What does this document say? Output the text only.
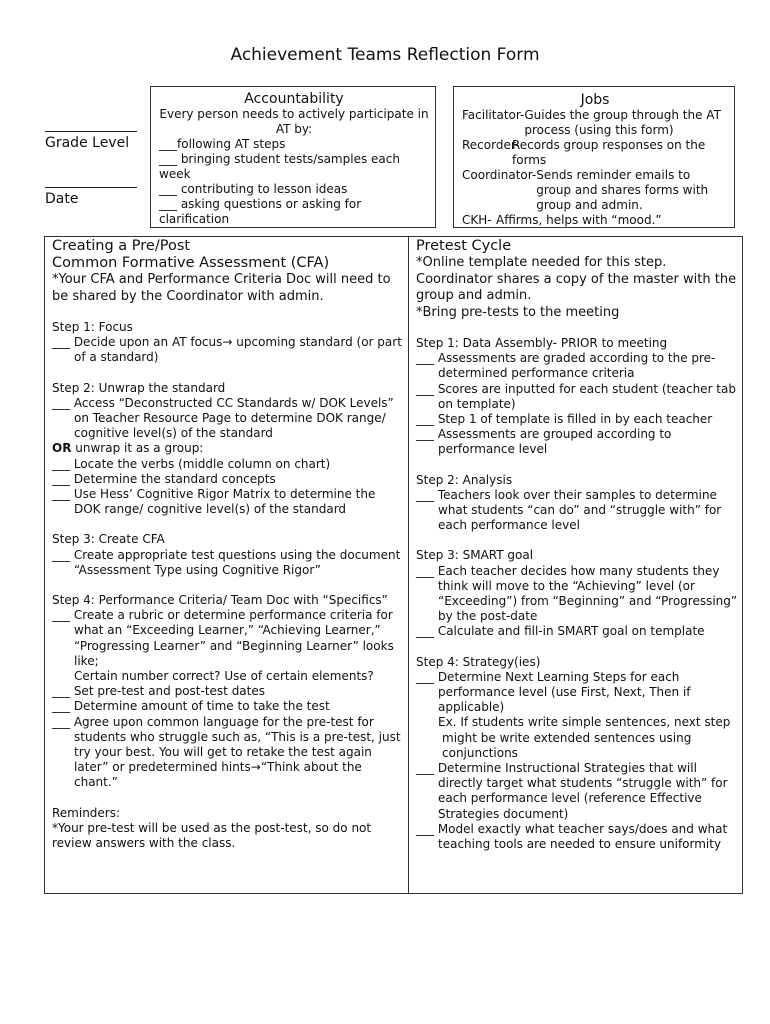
Achievement Teams Reflection Form
Grade Level
Date
Accountability
Every person needs to actively participate in AT by:
___following AT steps
___ bringing student tests/samples each week
___ contributing to lesson ideas
___ asking questions or asking for clarification
Jobs
Facilitator- Guides the group through the AT process (using this form)
Recorder-
Records group responses on the forms
Coordinator- Sends reminder emails to group and shares forms with group and admin.
CKH- Affirms, helps with “mood.”
Creating a Pre/Post
Common Formative Assessment (CFA)
*Your CFA and Performance Criteria Doc will need to be shared by the Coordinator with admin.
Step 1: Focus
___ Decide upon an AT focus→ upcoming standard (or part of a standard)
Step 2: Unwrap the standard
___ Access “Deconstructed CC Standards w/ DOK Levels” on Teacher Resource Page to determine DOK range/ cognitive level(s) of the standard
OR unwrap it as a group:
___ Locate the verbs (middle column on chart)
___ Determine the standard concepts
___ Use Hess’ Cognitive Rigor Matrix to determine the DOK range/ cognitive level(s) of the standard
Step 3: Create CFA
___ Create appropriate test questions using the document “Assessment Type using Cognitive Rigor”
Step 4: Performance Criteria/ Team Doc with “Specifics”
___ Create a rubric or determine performance criteria for what an “Exceeding Learner,” “Achieving Learner,” “Progressing Learner” and “Beginning Learner” looks like;
Certain number correct? Use of certain elements?
___ Set pre-test and post-test dates
___ Determine amount of time to take the test
___ Agree upon common language for the pre-test for students who struggle such as, “This is a pre-test, just try your best. You will get to retake the test again later” or predetermined hints→“Think about the chant.”
Reminders:
*Your pre-test will be used as the post-test, so do not review answers with the class.
Pretest Cycle
*Online template needed for this step.
Coordinator shares a copy of the master with the group and admin.
*Bring pre-tests to the meeting
Step 1: Data Assembly- PRIOR to meeting
___ Assessments are graded according to the pre-determined performance criteria
___ Scores are inputted for each student (teacher tab on template)
___ Step 1 of template is filled in by each teacher
___ Assessments are grouped according to performance level
Step 2: Analysis
___ Teachers look over their samples to determine what students “can do” and “struggle with” for each performance level
Step 3: SMART goal
___ Each teacher decides how many students they think will move to the “Achieving” level (or “Exceeding”) from “Beginning” and “Progressing” by the post-date
___ Calculate and fill-in SMART goal on template
Step 4: Strategy(ies)
___ Determine Next Learning Steps for each performance level (use First, Next, Then if applicable)
Ex. If students write simple sentences, next step might be write extended sentences using conjunctions
___ Determine Instructional Strategies that will directly target what students “struggle with” for each performance level (reference Effective Strategies document)
___ Model exactly what teacher says/does and what teaching tools are needed to ensure uniformity
